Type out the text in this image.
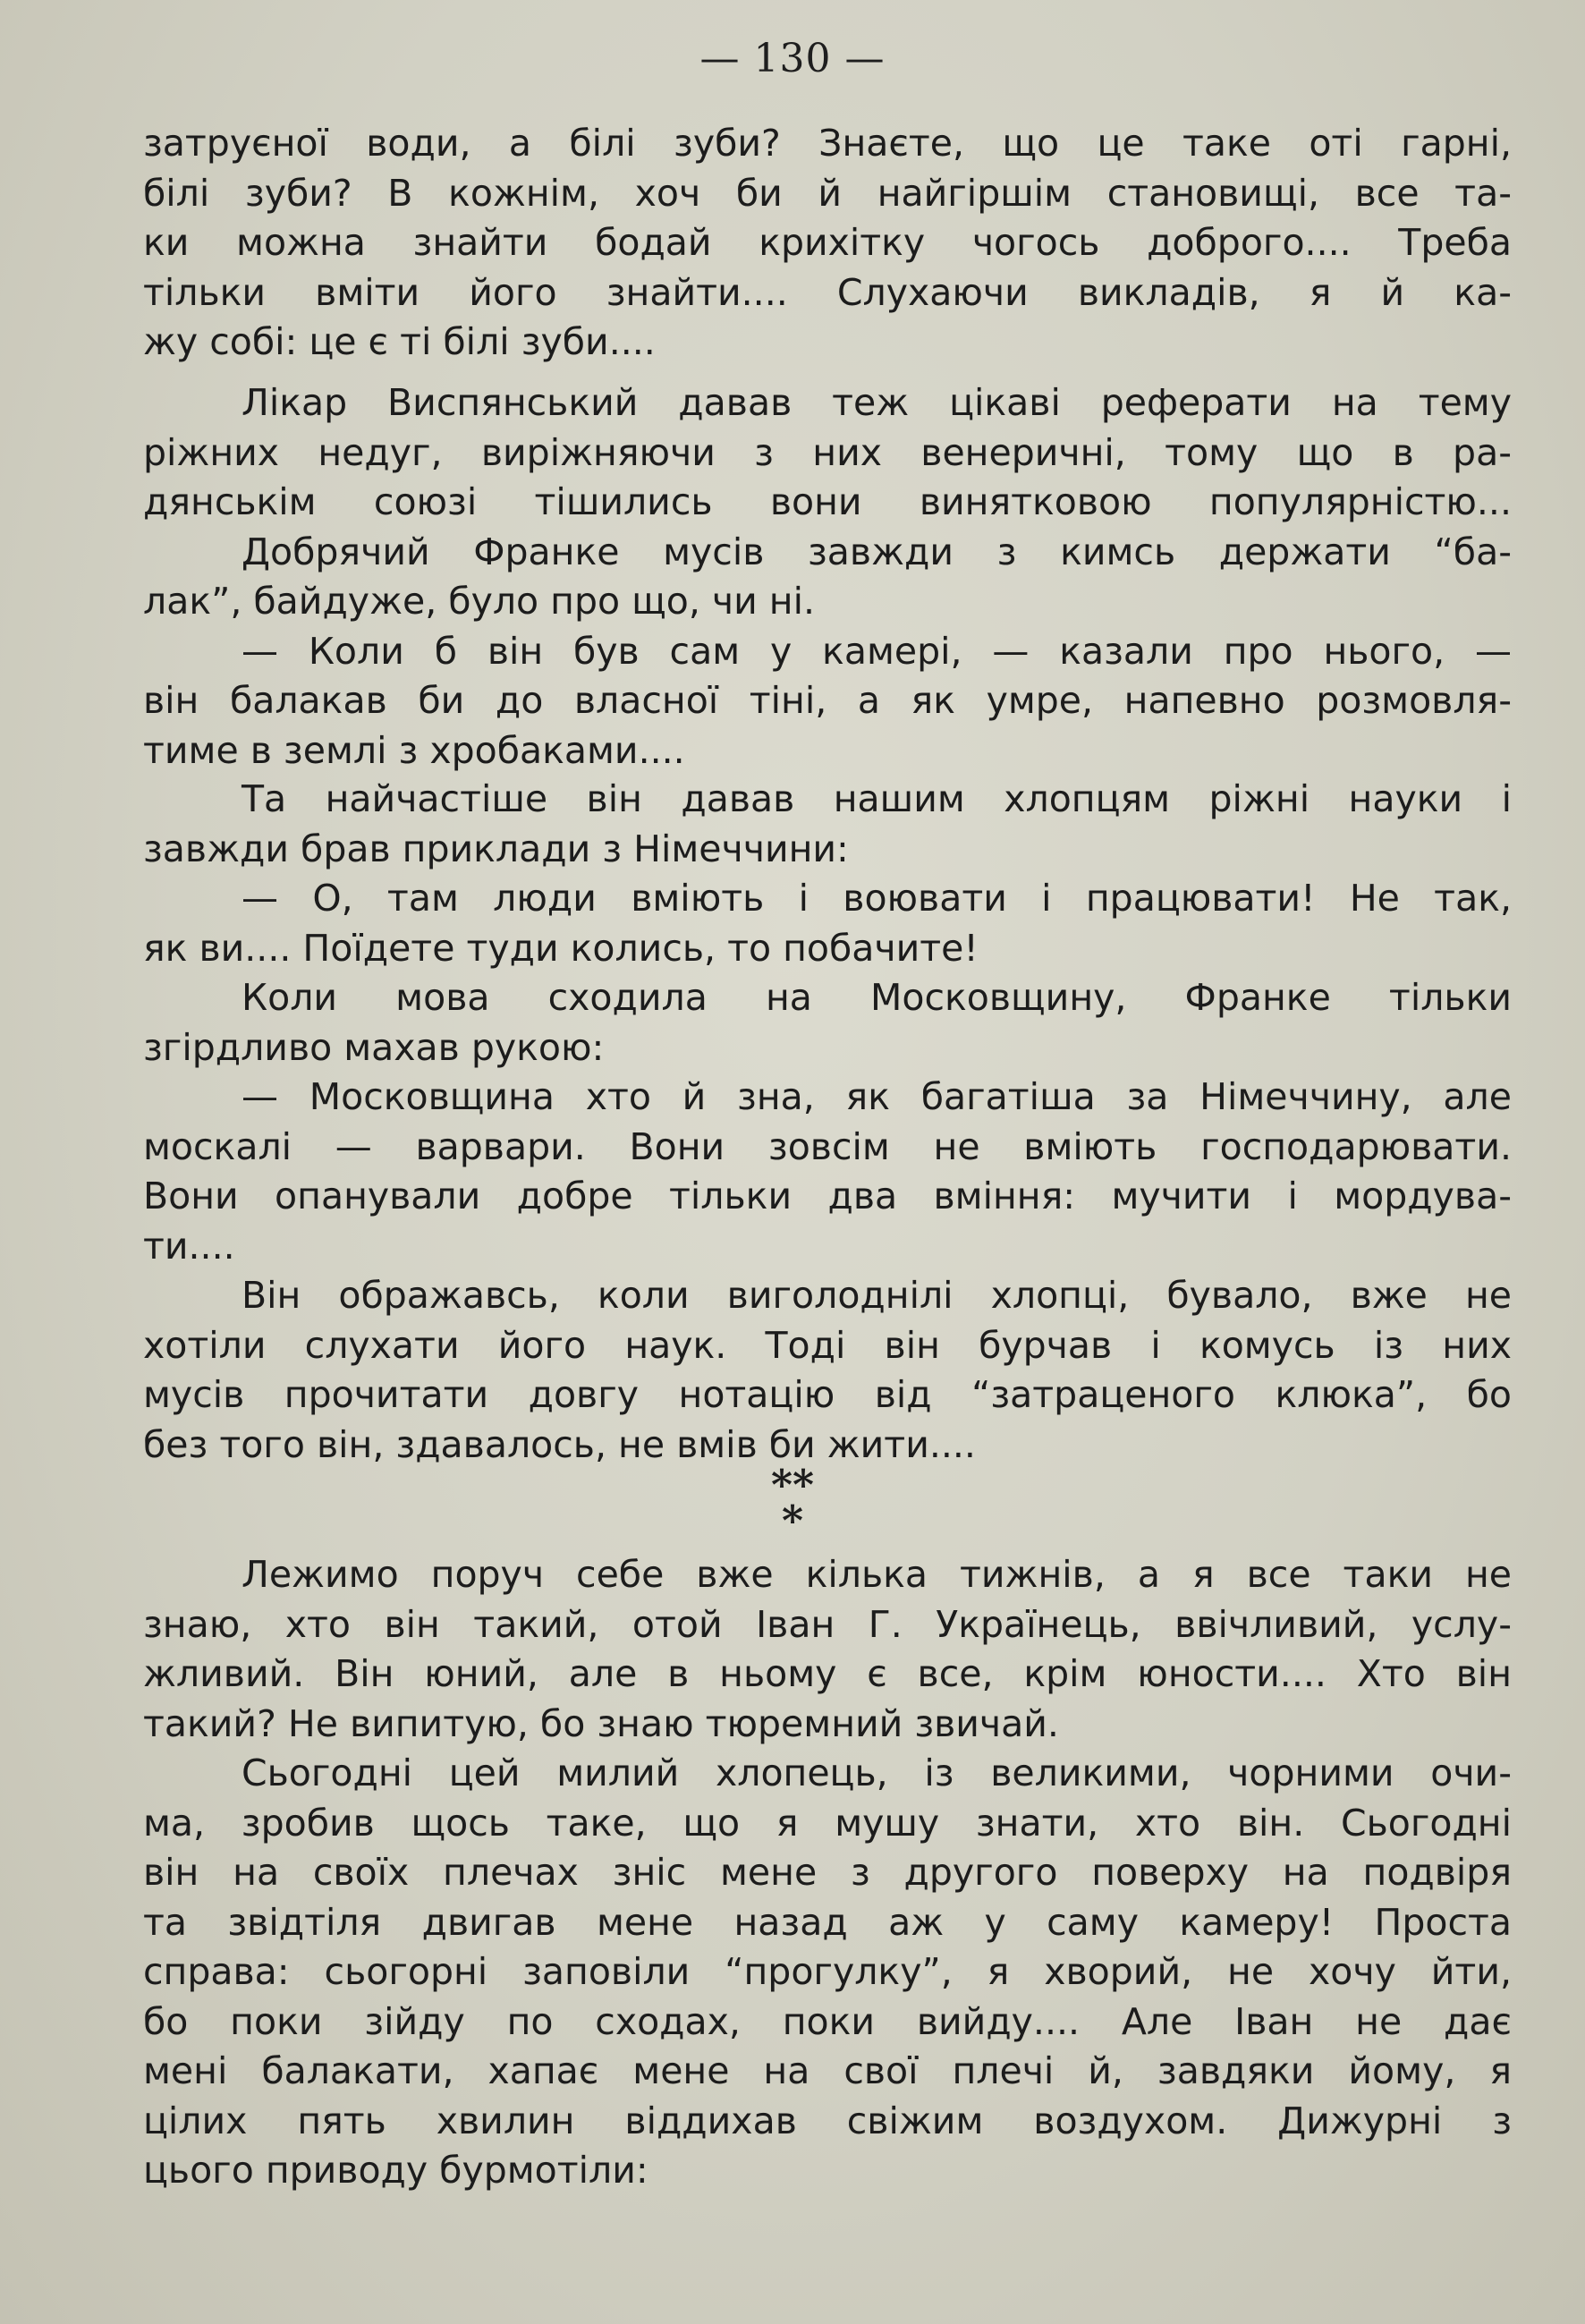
— 130 —

затруєної води, а білі зуби? Знаєте, що це таке оті гарні,

білі зуби? В кожнім, хоч би й найгіршім становищі, все та-

ки можна знайти бодай крихітку чогось доброго.... Треба

тільки вміти його знайти.... Слухаючи викладів, я й ка-

жу собі: це є ті білі зуби....

Лікар Виспянський давав теж цікаві реферати на тему

ріжних недуг, виріжняючи з них венеричні, тому що в ра-

дянськім союзі тішились вони винятковою популярністю...

Добрячий Франке мусів завжди з кимсь держати “ба-

лак”, байдуже, було про що, чи ні.

— Коли б він був сам у камері, — казали про нього, —

він балакав би до власної тіні, а як умре, напевно розмовля-

тиме в землі з хробаками....

Та найчастіше він давав нашим хлопцям ріжні науки і

завжди брав приклади з Німеччини:

— О, там люди вміють і воювати і працювати! Не так,

як ви.... Поїдете туди колись, то побачите!

Коли мова сходила на Московщину, Франке тільки

згірдливо махав рукою:

— Московщина хто й зна, як багатіша за Німеччину, але

москалі — варвари. Вони зовсім не вміють господарювати.

Вони опанували добре тільки два вміння: мучити і мордува-

ти....

Він ображавсь, коли виголоднілі хлопці, бувало, вже не

хотіли слухати його наук. Тоді він бурчав і комусь із них

мусів прочитати довгу нотацію від “затраценого клюка”, бо

без того він, здавалось, не вмів би жити....

**
*

Лежимо поруч себе вже кілька тижнів, а я все таки не

знаю, хто він такий, отой Іван Г. Українець, ввічливий, услу-

жливий. Він юний, але в ньому є все, крім юности.... Хто він

такий? Не випитую, бо знаю тюремний звичай.

Сьогодні цей милий хлопець, із великими, чорними очи-

ма, зробив щось таке, що я мушу знати, хто він. Сьогодні

він на своїх плечах зніс мене з другого поверху на подвіря

та звідтіля двигав мене назад аж у саму камеру! Проста

справа: сьогорні заповіли “прогулку”, я хворий, не хочу йти,

бо поки зійду по сходах, поки вийду.... Але Іван не дає

мені балакати, хапає мене на свої плечі й, завдяки йому, я

цілих пять хвилин віддихав свіжим воздухом. Дижурні з

цього приводу бурмотіли:
